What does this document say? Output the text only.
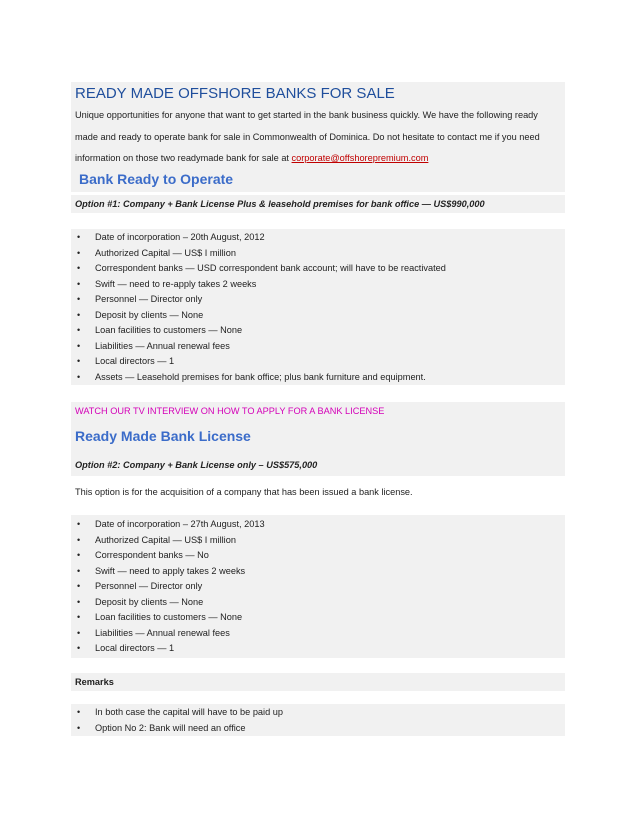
READY MADE OFFSHORE BANKS FOR SALE
Unique opportunities for anyone that want to get started in the bank business quickly. We have the following ready
made and ready to operate bank for sale in Commonwealth of Dominica. Do not hesitate to contact me if you need
information on those two readymade bank for sale at corporate@offshorepremium.com
Bank Ready to Operate
Option #1: Company + Bank License Plus & leasehold premises for bank office — US$990,000
• Date of incorporation – 20th August, 2012
• Authorized Capital — US$ I million
• Correspondent banks — USD correspondent bank account; will have to be reactivated
• Swift — need to re-apply takes 2 weeks
• Personnel — Director only
• Deposit by clients — None
• Loan facilities to customers — None
• Liabilities — Annual renewal fees
• Local directors — 1
• Assets — Leasehold premises for bank office; plus bank furniture and equipment.
WATCH OUR TV INTERVIEW ON HOW TO APPLY FOR A BANK LICENSE
Ready Made Bank License
Option #2: Company + Bank License only – US$575,000
This option is for the acquisition of a company that has been issued a bank license.
• Date of incorporation – 27th August, 2013
• Authorized Capital — US$ I million
• Correspondent banks — No
• Swift — need to apply takes 2 weeks
• Personnel — Director only
• Deposit by clients — None
• Loan facilities to customers — None
• Liabilities — Annual renewal fees
• Local directors — 1
Remarks
• In both case the capital will have to be paid up
• Option No 2: Bank will need an office
